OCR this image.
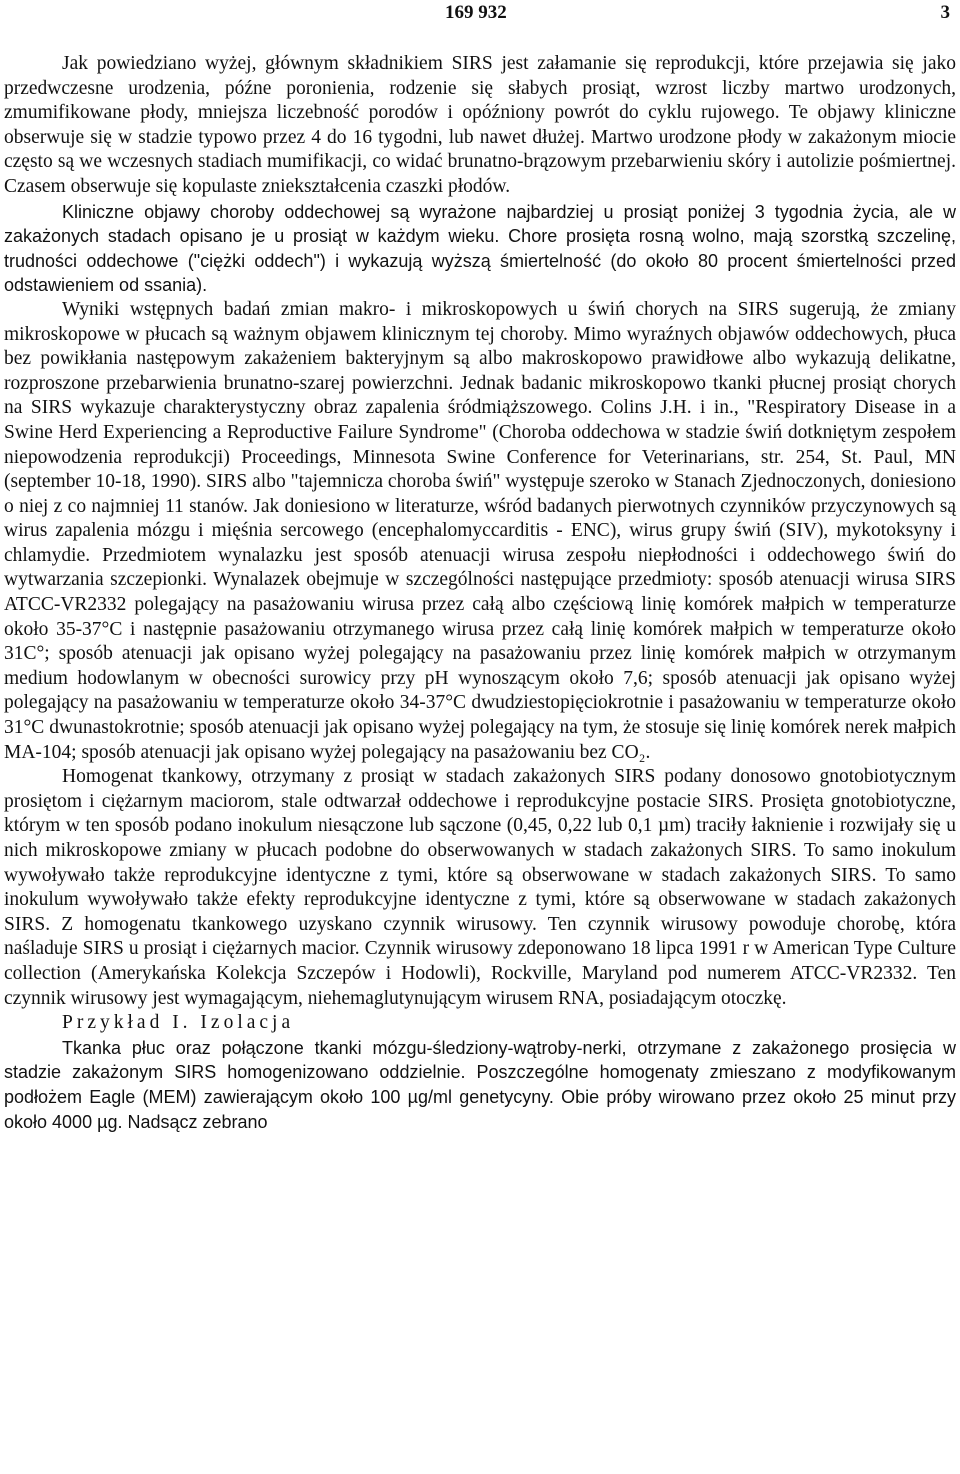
169 932	3

Jak powiedziano wyżej, głównym składnikiem SIRS jest załamanie się reprodukcji, które przejawia się jako przedwczesne urodzenia, późne poronienia, rodzenie się słabych prosiąt, wzrost liczby martwo urodzonych, zmumifikowane płody, mniejsza liczebność porodów i opóźniony powrót do cyklu rujowego. Te objawy kliniczne obserwuje się w stadzie typowo przez 4 do 16 tygodni, lub nawet dłużej. Martwo urodzone płody w zakażonym miocie często są we wczesnych stadiach mumifikacji, co widać brunatno-brązowym przebarwieniu skóry i autolizie pośmiertnej. Czasem obserwuje się kopulaste zniekształcenia czaszki płodów.

Kliniczne objawy choroby oddechowej są wyrażone najbardziej u prosiąt poniżej 3 tygodnia życia, ale w zakażonych stadach opisano je u prosiąt w każdym wieku. Chore prosięta rosną wolno, mają szorstką szczelinę, trudności oddechowe ("ciężki oddech") i wykazują wyższą śmiertelność (do około 80 procent śmiertelności przed odstawieniem od ssania).

Wyniki wstępnych badań zmian makro- i mikroskopowych u świń chorych na SIRS sugerują, że zmiany mikroskopowe w płucach są ważnym objawem klinicznym tej choroby. Mimo wyraźnych objawów oddechowych, płuca bez powikłania następowym zakażeniem bakteryjnym są albo makroskopowo prawidłowe albo wykazują delikatne, rozproszone przebarwienia brunatno-szarej powierzchni. Jednak badanic mikroskopowo tkanki płucnej prosiąt chorych na SIRS wykazuje charakterystyczny obraz zapalenia śródmiąższowego. Colins J.H. i in., "Respiratory Disease in a Swine Herd Experiencing a Reproductive Failure Syndrome" (Choroba oddechowa w stadzie świń dotkniętym zespołem niepowodzenia reprodukcji) Proceedings, Minnesota Swine Conference for Veterinarians, str. 254, St. Paul, MN (september 10-18, 1990). SIRS albo "tajemnicza choroba świń" występuje szeroko w Stanach Zjednoczonych, doniesiono o niej z co najmniej 11 stanów. Jak doniesiono w literaturze, wśród badanych pierwotnych czynników przyczynowych są wirus zapalenia mózgu i mięśnia sercowego (encephalomyccarditis - ENC), wirus grupy świń (SIV), mykotoksyny i chlamydie. Przedmiotem wynalazku jest sposób atenuacji wirusa zespołu niepłodności i oddechowego świń do wytwarzania szczepionki. Wynalazek obejmuje w szczególności następujące przedmioty: sposób atenuacji wirusa SIRS ATCC-VR2332 polegający na pasażowaniu wirusa przez całą albo częściową linię komórek małpich w temperaturze około 35-37°C i następnie pasażowaniu otrzymanego wirusa przez całą linię komórek małpich w temperaturze około 31C°; sposób atenuacji jak opisano wyżej polegający na pasażowaniu przez linię komórek małpich w otrzymanym medium hodowlanym w obecności surowicy przy pH wynoszącym około 7,6; sposób atenuacji jak opisano wyżej polegający na pasażowaniu w temperaturze około 34-37°C dwudziestopięciokrotnie i pasażowaniu w temperaturze około 31°C dwunastokrotnie; sposób atenuacji jak opisano wyżej polegający na tym, że stosuje się linię komórek nerek małpich MA-104; sposób atenuacji jak opisano wyżej polegający na pasażowaniu bez CO₂.

Homogenat tkankowy, otrzymany z prosiąt w stadach zakażonych SIRS podany donosowo gnotobiotycznym prosiętom i ciężarnym maciorom, stale odtwarzał oddechowe i reprodukcyjne postacie SIRS. Prosięta gnotobiotyczne, którym w ten sposób podano inokulum niesączone lub sączone (0,45, 0,22 lub 0,1 µm) traciły łaknienie i rozwijały się u nich mikroskopowe zmiany w płucach podobne do obserwowanych w stadach zakażonych SIRS. To samo inokulum wywoływało także reprodukcyjne identyczne z tymi, które są obserwowane w stadach zakażonych SIRS. To samo inokulum wywoływało także efekty reprodukcyjne identyczne z tymi, które są obserwowane w stadach zakażonych SIRS. Z homogenatu tkankowego uzyskano czynnik wirusowy. Ten czynnik wirusowy powoduje chorobę, która naśladuje SIRS u prosiąt i ciężarnych macior. Czynnik wirusowy zdeponowano 18 lipca 1991 r w American Type Culture collection (Amerykańska Kolekcja Szczepów i Hodowli), Rockville, Maryland pod numerem ATCC-VR2332. Ten czynnik wirusowy jest wymagającym, niehemaglutynującym wirusem RNA, posiadającym otoczkę.

Przykład I. Izolacja

Tkanka płuc oraz połączone tkanki mózgu-śledziony-wątroby-nerki, otrzymane z zakażonego prosięcia w stadzie zakażonym SIRS homogenizowano oddzielnie. Poszczególne homogenaty zmieszano z modyfikowanym podłożem Eagle (MEM) zawierającym około 100 µg/ml genetycyny. Obie próby wirowano przez około 25 minut przy około 4000 µg. Nadsącz zebrano
